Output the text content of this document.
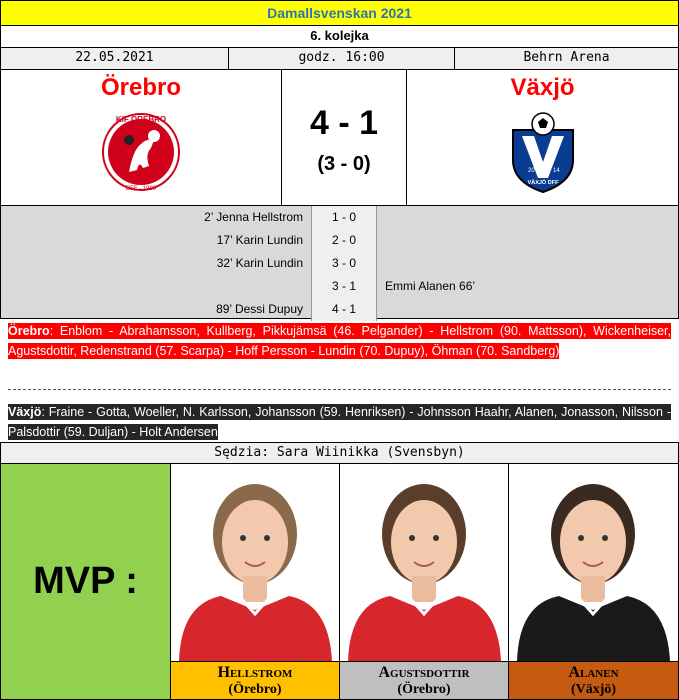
Damallsvenskan 2021
6. kolejka
22.05.2021	godz. 16:00	Behrn Arena
Örebro
KIF ÖREBRO
DFF · 1980
4 - 1
(3 - 0)
Växjö
20	14
VÄXJÖ DFF
2’ Jenna Hellstrom	1 - 0
17’ Karin Lundin	2 - 0
32’ Karin Lundin	3 - 0
3 - 1	Emmi Alanen 66’
89’ Dessi Dupuy	4 - 1
Örebro: Enblom - Abrahamsson, Kullberg, Pikkujämsä (46. Pelgander) - Hellstrom (90. Mattsson), Wickenheiser, Agustsdottir, Redenstrand (57. Scarpa) - Hoff Persson - Lundin (70. Dupuy), Öhman (70. Sandberg)
Växjö: Fraine - Gotta, Woeller, N. Karlsson, Johansson (59. Henriksen) - Johnsson Haahr, Alanen, Jonasson, Nilsson - Palsdottir (59. Duljan) - Holt Andersen
Sędzia: Sara Wiinikka (Svensbyn)
MVP :
Hellstrom
(Örebro)
Agustsdottir
(Örebro)
Alanen
(Växjö)
